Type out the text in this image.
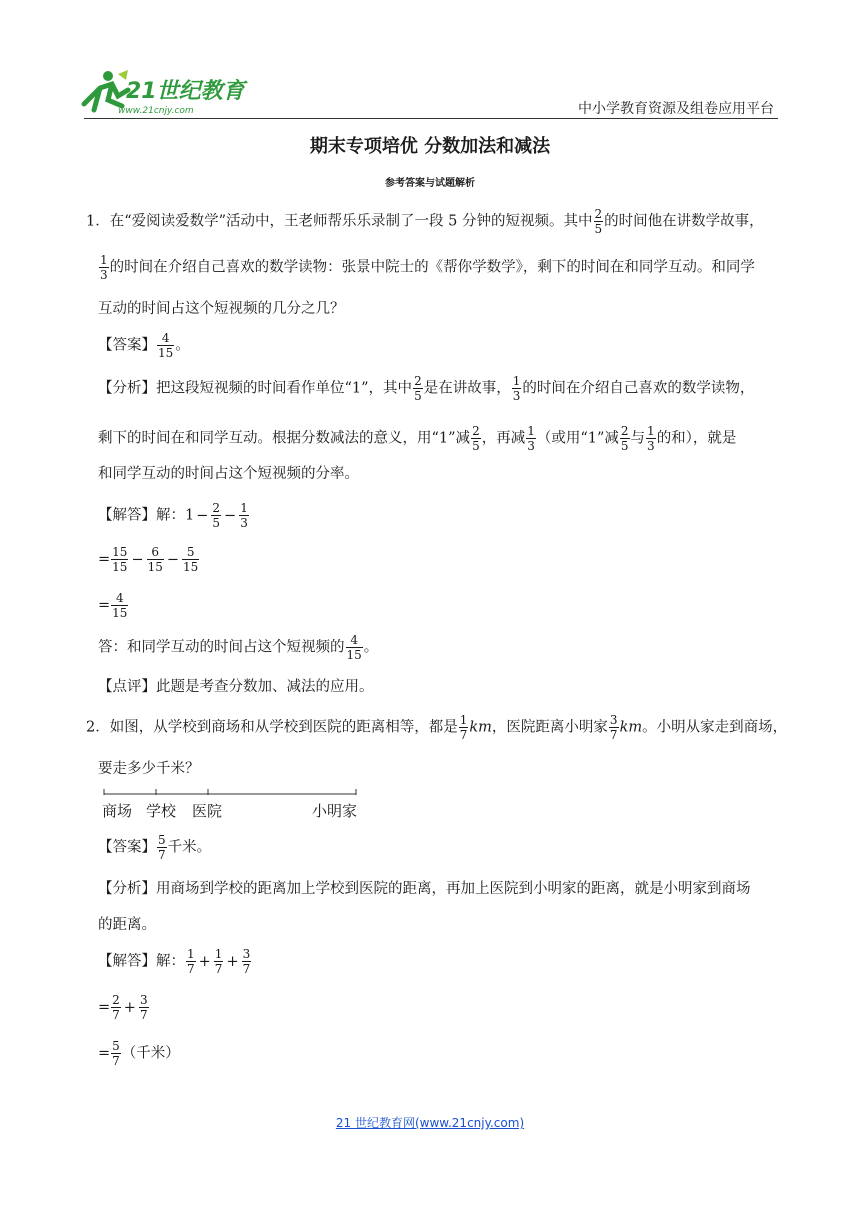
21世纪教育
www.21cnjy.com	中小学教育资源及组卷应用平台
期末专项培优 分数加法和减法
参考答案与试题解析
1．在“爱阅读爱数学”活动中，王老师帮乐乐录制了一段 5 分钟的短视频。其中 $\frac{2}{5}$ 的时间他在讲数学故事，
$\frac{1}{3}$ 的时间在介绍自己喜欢的数学读物：张景中院士的《帮你学数学》，剩下的时间在和同学互动。和同学
互动的时间占这个短视频的几分之几？
【答案】 $\frac{4}{15}$ 。
【分析】把这段短视频的时间看作单位“1”，其中 $\frac{2}{5}$ 是在讲故事， $\frac{1}{3}$ 的时间在介绍自己喜欢的数学读物，
剩下的时间在和同学互动。根据分数减法的意义，用“1”减 $\frac{2}{5}$ ，再减 $\frac{1}{3}$ （或用“1”减 $\frac{2}{5}$ 与 $\frac{1}{3}$ 的和），就是
和同学互动的时间占这个短视频的分率。
【解答】解：$1 - \frac{2}{5} - \frac{1}{3}$
= $\frac{15}{15} - \frac{6}{15} - \frac{5}{15}$
= $\frac{4}{15}$
答：和同学互动的时间占这个短视频的 $\frac{4}{15}$ 。
【点评】此题是考查分数加、减法的应用。
2．如图，从学校到商场和从学校到医院的距离相等，都是 $\frac{1}{7}$ km，医院距离小明家 $\frac{3}{7}$ km。小明从家走到商场，
要走多少千米？
商场 学校 医院	小明家
【答案】 $\frac{5}{7}$ 千米。
【分析】用商场到学校的距离加上学校到医院的距离，再加上医院到小明家的距离，就是小明家到商场
的距离。
【解答】解： $\frac{1}{7} + \frac{1}{7} + \frac{3}{7}$
= $\frac{2}{7} + \frac{3}{7}$
= $\frac{5}{7}$ （千米）
21 世纪教育网(www.21cnjy.com)
